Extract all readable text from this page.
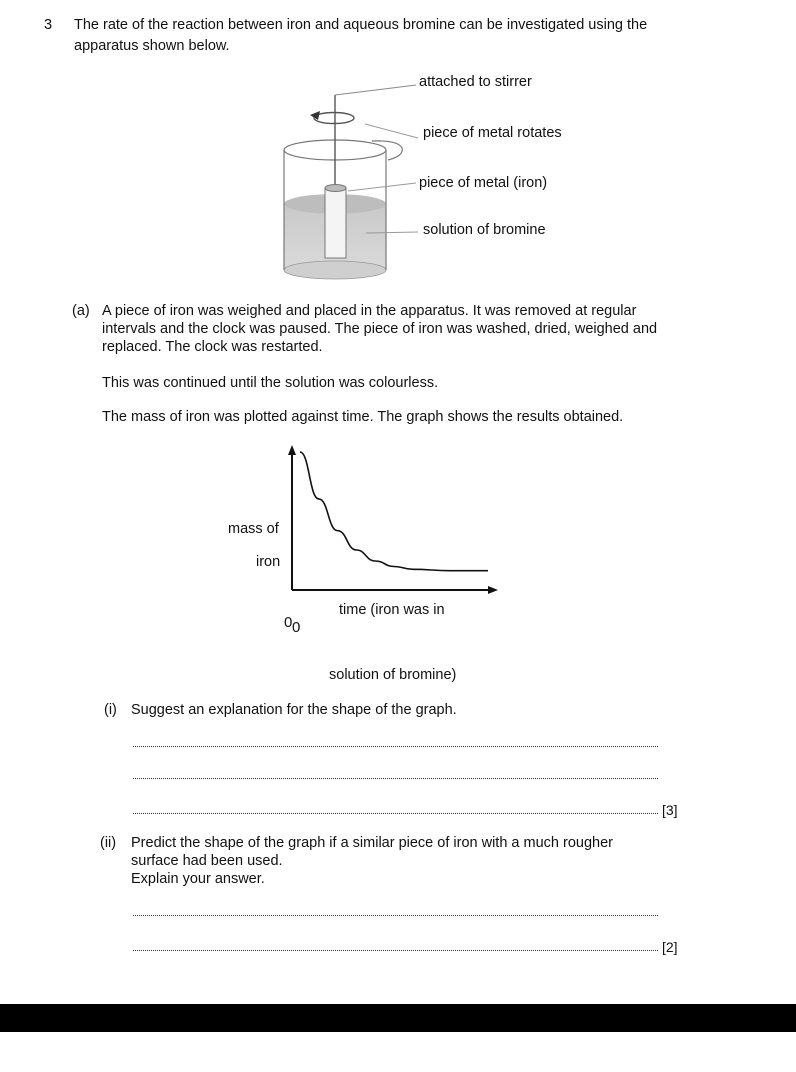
3 The rate of the reaction between iron and aqueous bromine can be investigated using the
apparatus shown below.
attached to stirrer
piece of metal rotates
piece of metal (iron)
solution of bromine
(a) A piece of iron was weighed and placed in the apparatus. It was removed at regular
intervals and the clock was paused. The piece of iron was washed, dried, weighed and
replaced. The clock was restarted.
This was continued until the solution was colourless.
The mass of iron was plotted against time. The graph shows the results obtained.
mass of
iron
time (iron was in
solution of bromine)
0 0
(i) Suggest an explanation for the shape of the graph.
[3]
(ii) Predict the shape of the graph if a similar piece of iron with a much rougher
surface had been used.
Explain your answer.
[2]
